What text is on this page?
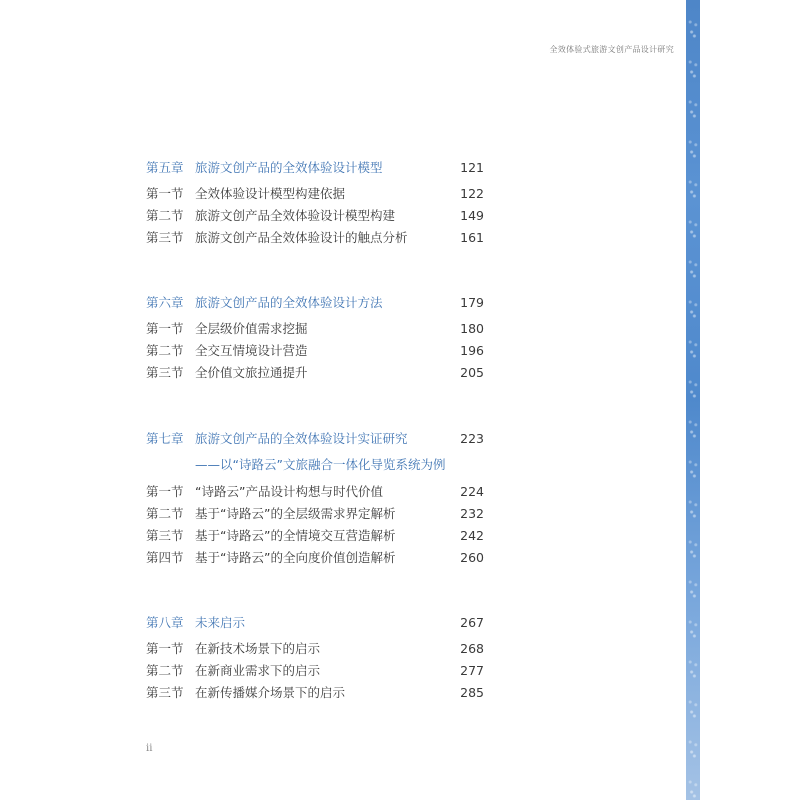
全效体验式旅游文创产品设计研究
第五章 旅游文创产品的全效体验设计模型	121
第一节 全效体验设计模型构建依据	122
第二节 旅游文创产品全效体验设计模型构建	149
第三节 旅游文创产品全效体验设计的触点分析	161
第六章 旅游文创产品的全效体验设计方法	179
第一节 全层级价值需求挖掘	180
第二节 全交互情境设计营造	196
第三节 全价值文旅拉通提升	205
第七章 旅游文创产品的全效体验设计实证研究	223
——以“诗路云”文旅融合一体化导览系统为例
第一节 “诗路云”产品设计构想与时代价值	224
第二节 基于“诗路云”的全层级需求界定解析	232
第三节 基于“诗路云”的全情境交互营造解析	242
第四节 基于“诗路云”的全向度价值创造解析	260
第八章 未来启示	267
第一节 在新技术场景下的启示	268
第二节 在新商业需求下的启示	277
第三节 在新传播媒介场景下的启示	285
ii
